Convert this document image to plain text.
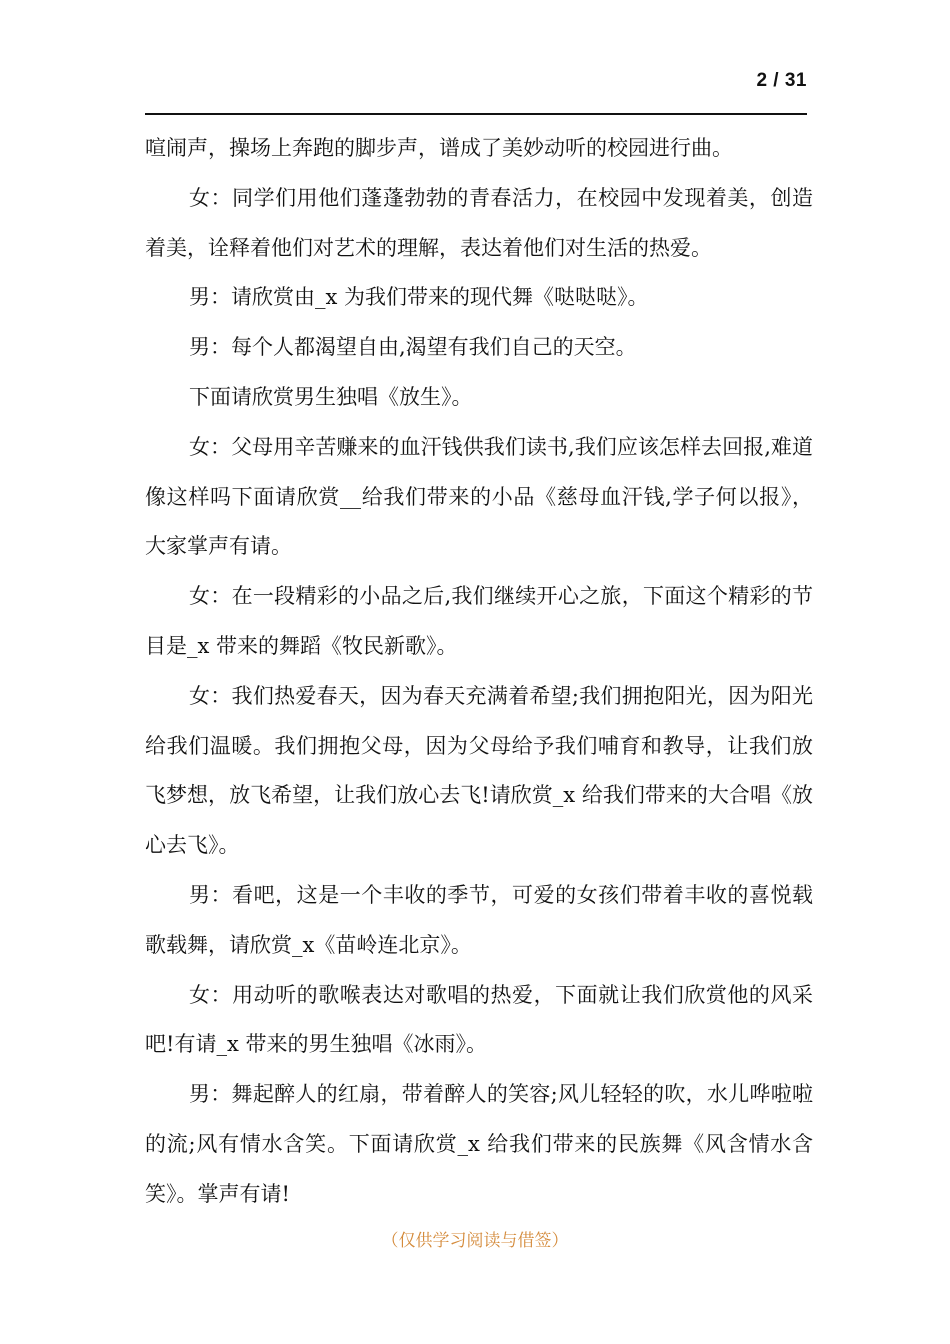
2 / 31

喧闹声，操场上奔跑的脚步声，谱成了美妙动听的校园进行曲。

女：同学们用他们蓬蓬勃勃的青春活力，在校园中发现着美，创造着美，诠释着他们对艺术的理解，表达着他们对生活的热爱。

男：请欣赏由_x 为我们带来的现代舞《哒哒哒》。

男：每个人都渴望自由,渴望有我们自己的天空。

下面请欣赏男生独唱《放生》。

女：父母用辛苦赚来的血汗钱供我们读书,我们应该怎样去回报,难道像这样吗下面请欣赏__给我们带来的小品《慈母血汗钱,学子何以报》，大家掌声有请。

女：在一段精彩的小品之后,我们继续开心之旅，下面这个精彩的节目是_x 带来的舞蹈《牧民新歌》。

女：我们热爱春天，因为春天充满着希望;我们拥抱阳光，因为阳光给我们温暖。我们拥抱父母，因为父母给予我们哺育和教导，让我们放飞梦想，放飞希望，让我们放心去飞!请欣赏_x 给我们带来的大合唱《放心去飞》。

男：看吧，这是一个丰收的季节，可爱的女孩们带着丰收的喜悦载歌载舞，请欣赏_x《苗岭连北京》。

女：用动听的歌喉表达对歌唱的热爱，下面就让我们欣赏他的风采吧!有请_x 带来的男生独唱《冰雨》。

男：舞起醉人的红扇，带着醉人的笑容;风儿轻轻的吹，水儿哗啦啦的流;风有情水含笑。下面请欣赏_x 给我们带来的民族舞《风含情水含笑》。掌声有请!

（仅供学习阅读与借签）
